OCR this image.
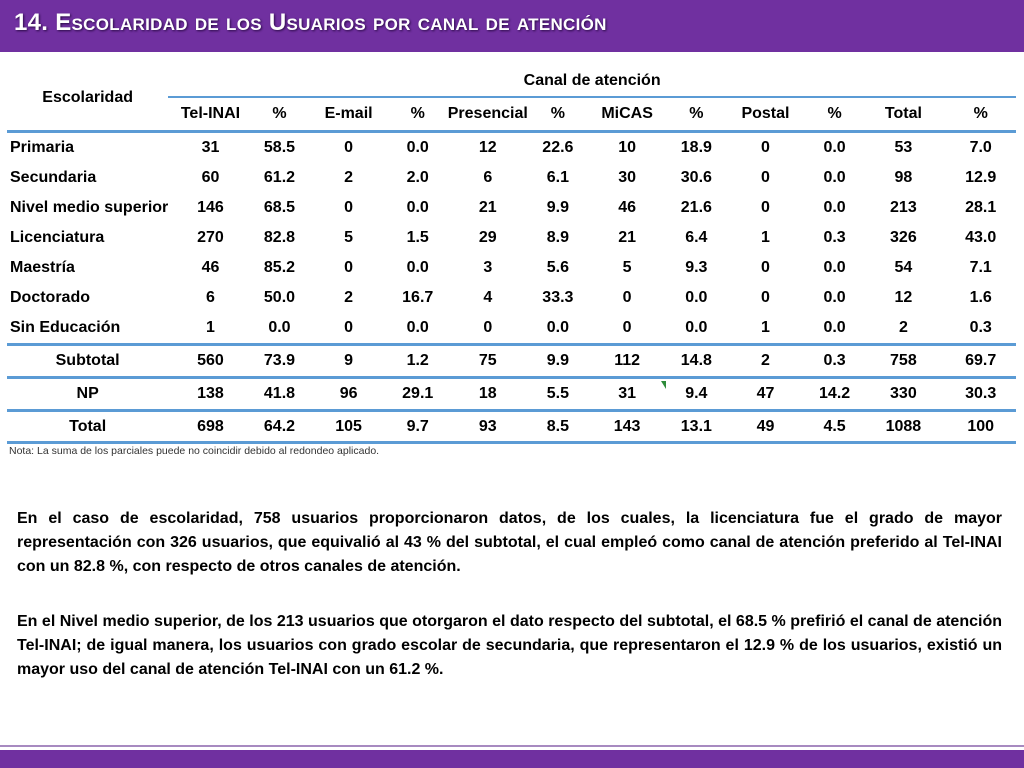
14. Escolaridad de los Usuarios por canal de atención
Escolaridad	Canal de atención											
	Tel-INAI	%	E-mail	%	Presencial	%	MiCAS	%	Postal	%	Total	%
Primaria	31	58.5	0	0.0	12	22.6	10	18.9	0	0.0	53	7.0
Secundaria	60	61.2	2	2.0	6	6.1	30	30.6	0	0.0	98	12.9
Nivel medio superior	146	68.5	0	0.0	21	9.9	46	21.6	0	0.0	213	28.1
Licenciatura	270	82.8	5	1.5	29	8.9	21	6.4	1	0.3	326	43.0
Maestría	46	85.2	0	0.0	3	5.6	5	9.3	0	0.0	54	7.1
Doctorado	6	50.0	2	16.7	4	33.3	0	0.0	0	0.0	12	1.6
Sin Educación	1	0.0	0	0.0	0	0.0	0	0.0	1	0.0	2	0.3
Subtotal	560	73.9	9	1.2	75	9.9	112	14.8	2	0.3	758	69.7
NP	138	41.8	96	29.1	18	5.5	31	9.4	47	14.2	330	30.3
Total	698	64.2	105	9.7	93	8.5	143	13.1	49	4.5	1088	100
Nota: La suma de los parciales puede no coincidir debido al redondeo aplicado.

En el caso de escolaridad, 758 usuarios proporcionaron datos, de los cuales, la licenciatura fue el grado de mayor representación con 326 usuarios, que equivalió al 43 % del subtotal, el cual empleó como canal de atención preferido al Tel-INAI con un 82.8 %, con respecto de otros canales de atención.

En el Nivel medio superior, de los 213 usuarios que otorgaron el dato respecto del subtotal, el 68.5 % prefirió el canal de atención Tel-INAI; de igual manera, los usuarios con grado escolar de secundaria, que representaron el 12.9 % de los usuarios, existió un mayor uso del canal de atención Tel-INAI con un 61.2 %.
